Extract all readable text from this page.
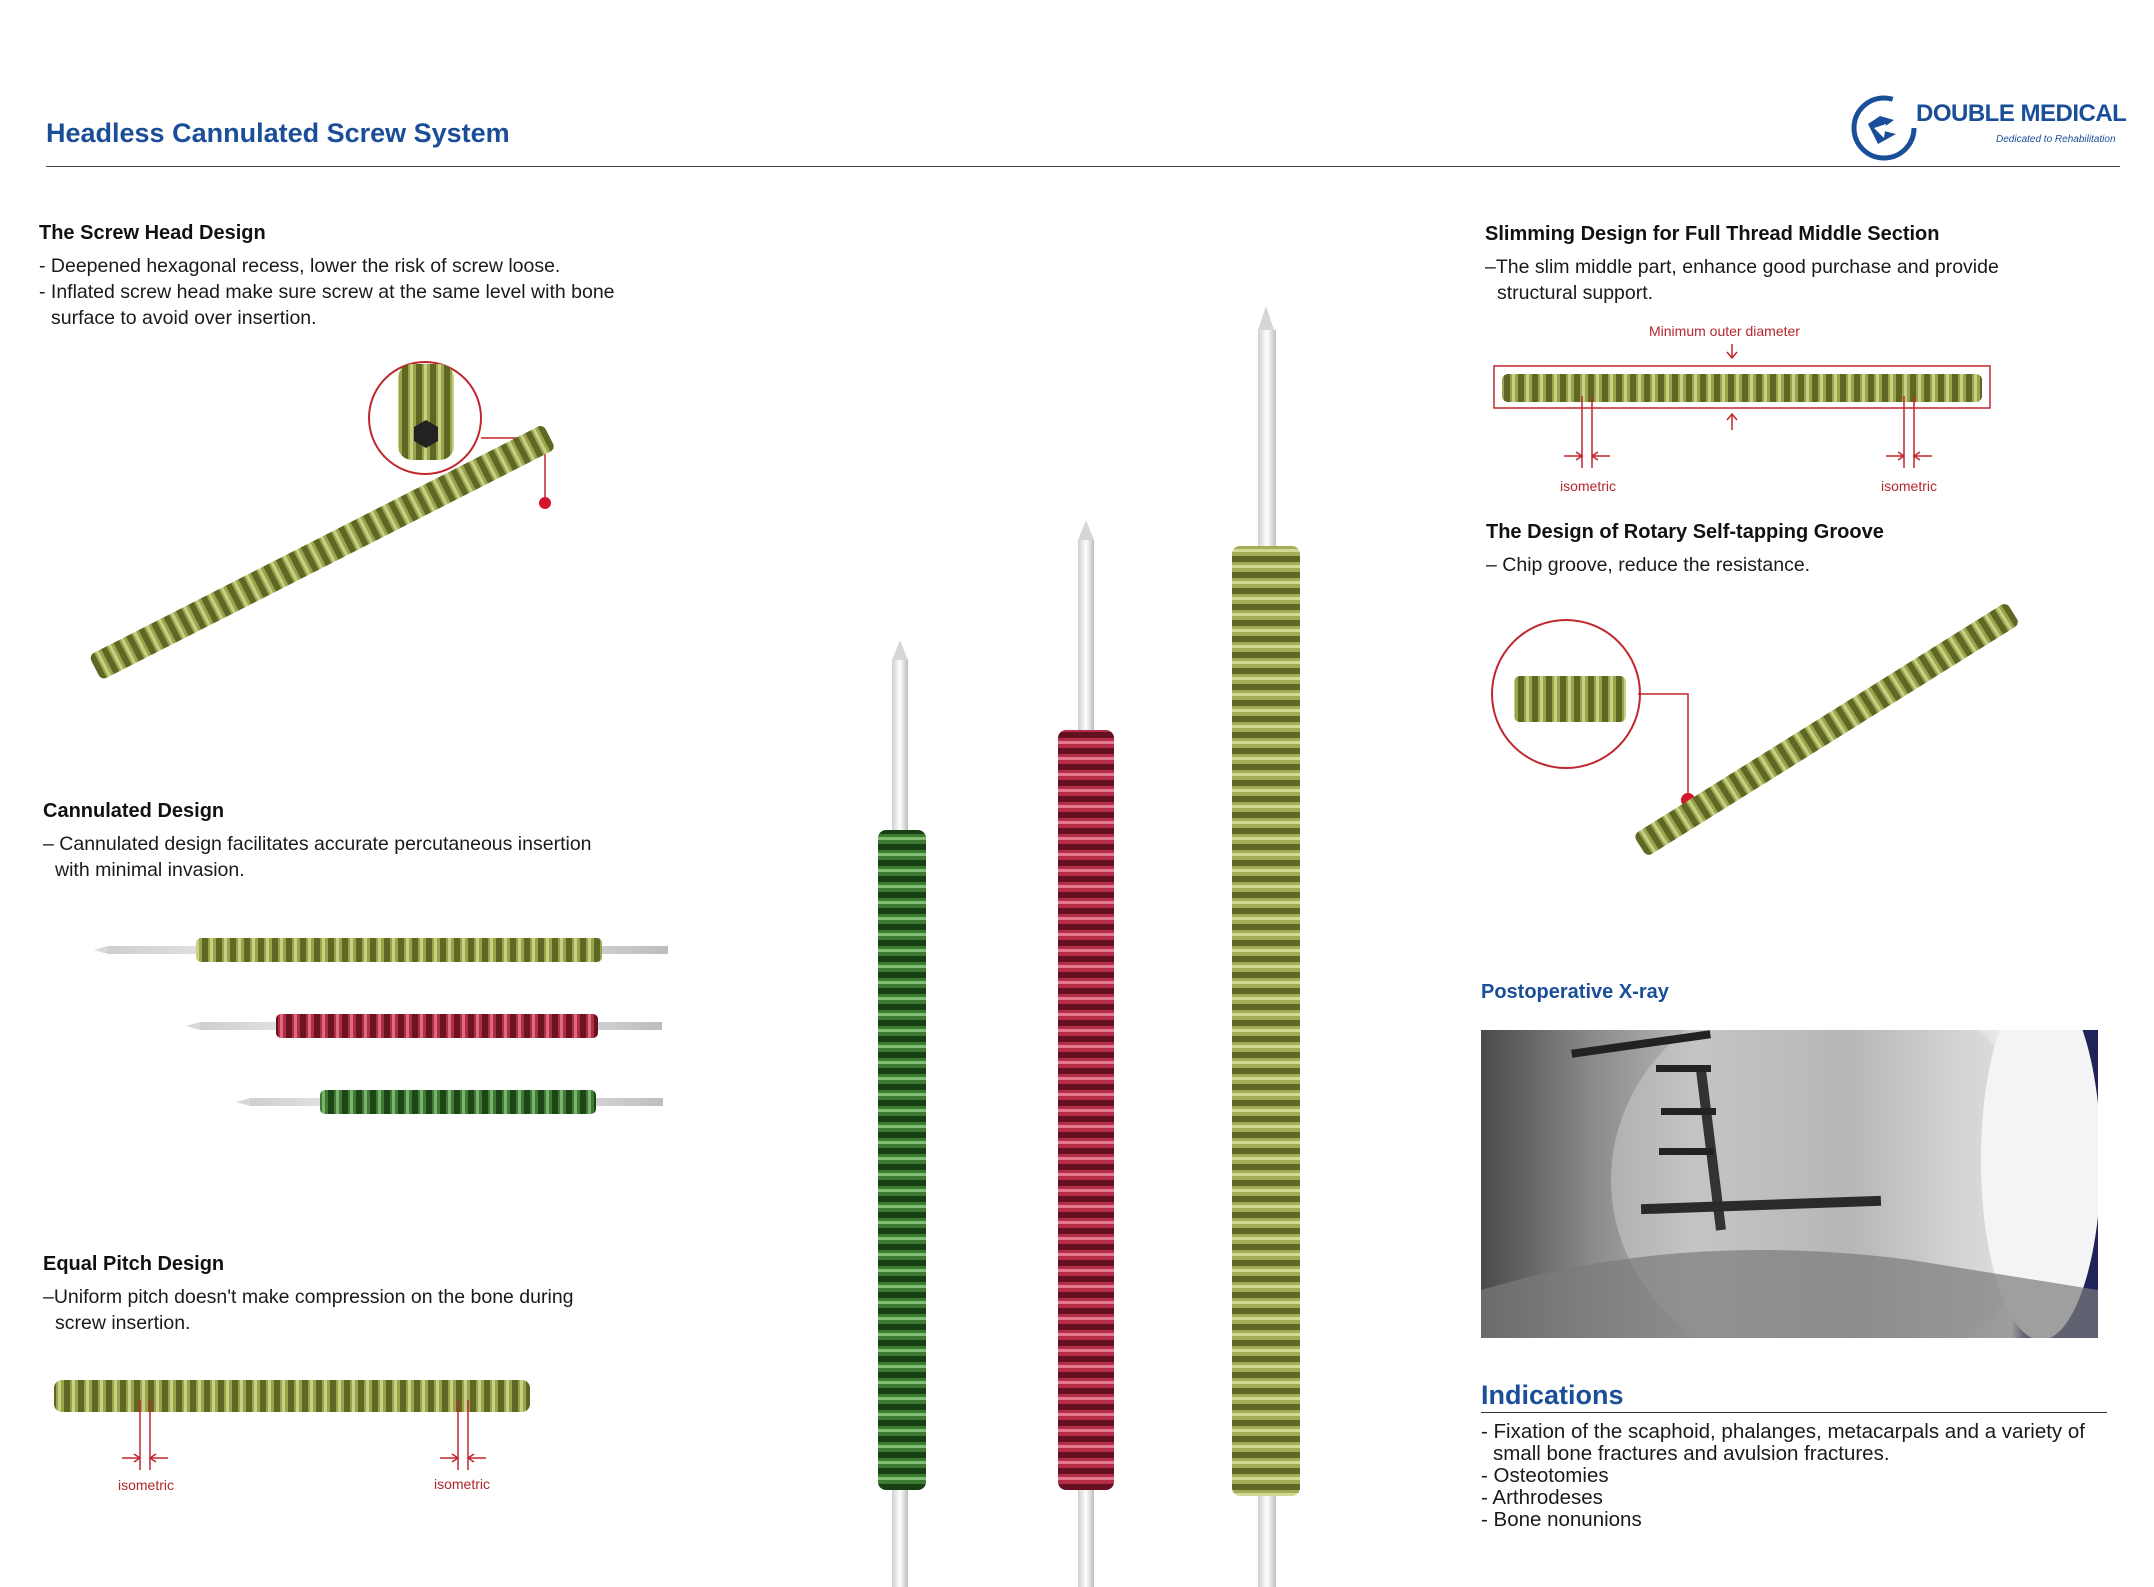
Headless Cannulated Screw System
DOUBLE MEDICAL
Dedicated to Rehabilitation
The Screw Head Design
- Deepened hexagonal recess, lower the risk of screw loose.
- Inflated screw head make sure screw at the same level with bone
surface to avoid over insertion.
Cannulated Design
– Cannulated design facilitates accurate percutaneous insertion
with minimal invasion.
Equal Pitch Design
–Uniform pitch doesn't make compression on the bone during
screw insertion.
isometric	isometric
Slimming Design for Full Thread Middle Section
–The slim middle part, enhance good purchase and provide
structural support.
Minimum outer diameter
isometric	isometric
The Design of Rotary Self-tapping Groove
– Chip groove, reduce the resistance.
Postoperative X-ray
Indications
- Fixation of the scaphoid, phalanges, metacarpals and a variety of
small bone fractures and avulsion fractures.
- Osteotomies
- Arthrodeses
- Bone nonunions
